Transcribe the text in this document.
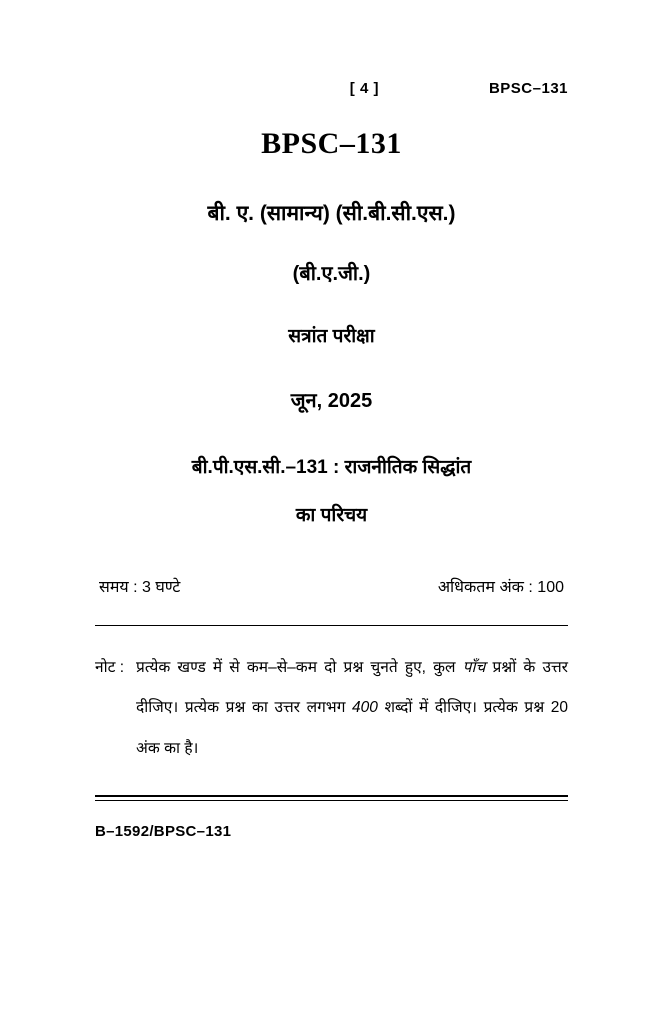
[ 4 ]	BPSC–131
BPSC–131
बी. ए. (सामान्य) (सी.बी.सी.एस.)
(बी.ए.जी.)
सत्रांत परीक्षा
जून, 2025
बी.पी.एस.सी.–131 : राजनीतिक सिद्धांत
का परिचय
समय : 3 घण्टे	अधिकतम अंक : 100
नोट : प्रत्येक खण्ड में से कम–से–कम दो प्रश्न चुनते हुए, कुल पाँच प्रश्नों के उत्तर दीजिए। प्रत्येक प्रश्न का उत्तर लगभग 400 शब्दों में दीजिए। प्रत्येक प्रश्न 20 अंक का है।
B–1592/BPSC–131
